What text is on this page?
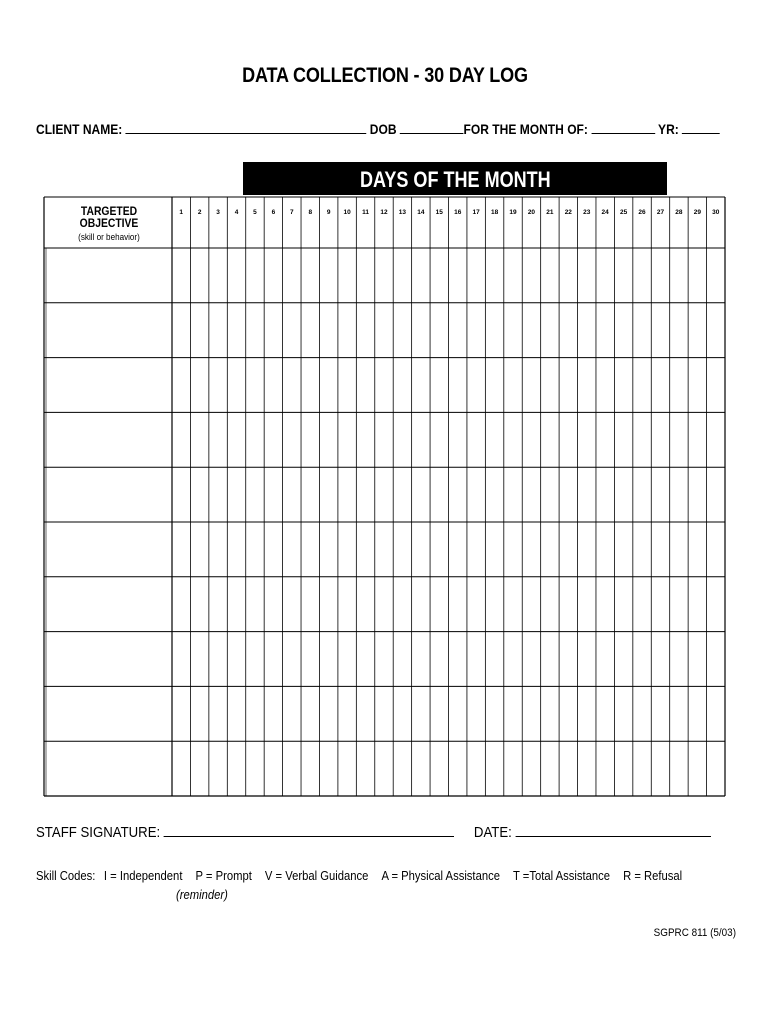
DATA COLLECTION - 30 DAY LOG
CLIENT NAME:	DOB	FOR THE MONTH OF:	YR:
DAYS OF THE MONTH
TARGETED OBJECTIVE
(skill or behavior)
1	2	3	4	5	6	7	8	9	10	11	12	13	14	15	16	17	18	19	20	21	22	23	24	25	26	27	28	29	30
STAFF SIGNATURE:	DATE:
Skill Codes: I = Independent P = Prompt V = Verbal Guidance A = Physical Assistance T =Total Assistance R = Refusal
(reminder)
SGPRC 811 (5/03)
